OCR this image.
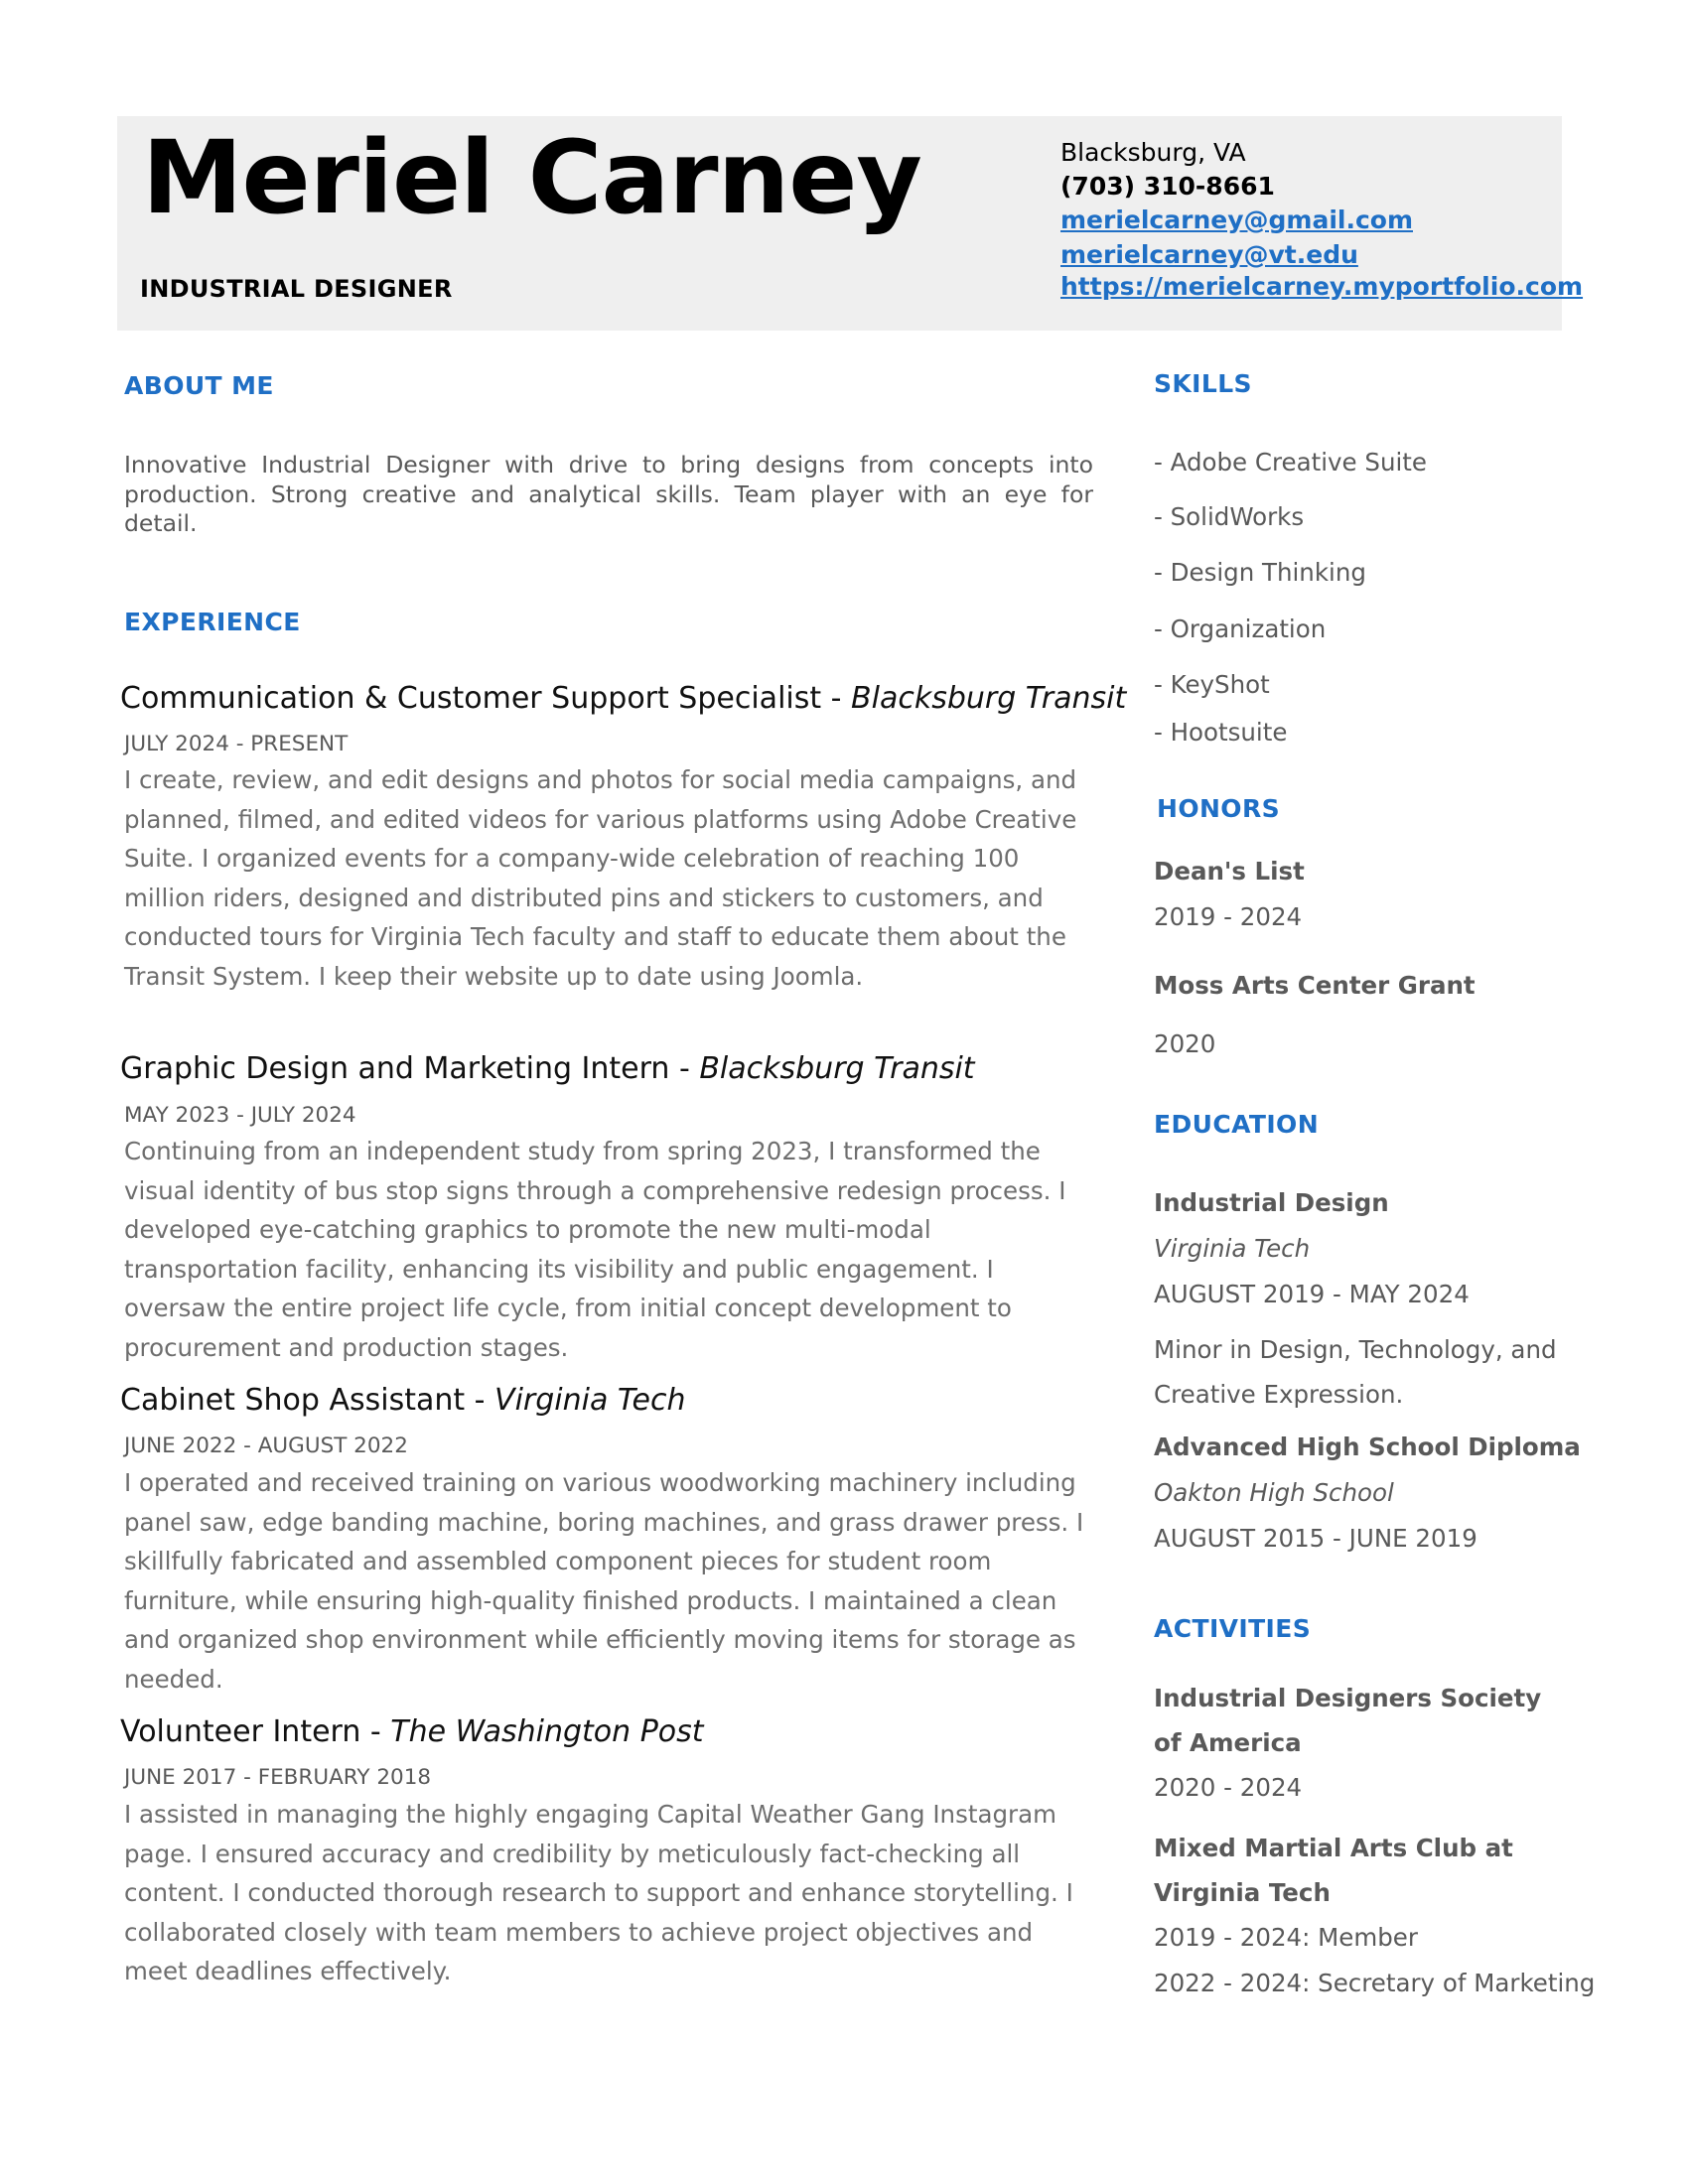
Meriel Carney
INDUSTRIAL DESIGNER
Blacksburg, VA
(703) 310-8661
merielcarney@gmail.com
merielcarney@vt.edu
https://merielcarney.myportfolio.com
ABOUT ME
Innovative Industrial Designer with drive to bring designs from concepts into production. Strong creative and analytical skills. Team player with an eye for detail.
EXPERIENCE
Communication & Customer Support Specialist - Blacksburg Transit
JULY 2024 - PRESENT
I create, review, and edit designs and photos for social media campaigns, and planned, filmed, and edited videos for various platforms using Adobe Creative Suite. I organized events for a company-wide celebration of reaching 100 million riders, designed and distributed pins and stickers to customers, and conducted tours for Virginia Tech faculty and staff to educate them about the Transit System. I keep their website up to date using Joomla.
Graphic Design and Marketing Intern - Blacksburg Transit
MAY 2023 - JULY 2024
Continuing from an independent study from spring 2023, I transformed the visual identity of bus stop signs through a comprehensive redesign process. I developed eye-catching graphics to promote the new multi-modal transportation facility, enhancing its visibility and public engagement. I oversaw the entire project life cycle, from initial concept development to procurement and production stages.
Cabinet Shop Assistant - Virginia Tech
JUNE 2022 - AUGUST 2022
I operated and received training on various woodworking machinery including panel saw, edge banding machine, boring machines, and grass drawer press. I skillfully fabricated and assembled component pieces for student room furniture, while ensuring high-quality finished products. I maintained a clean and organized shop environment while efficiently moving items for storage as needed.
Volunteer Intern - The Washington Post
JUNE 2017 - FEBRUARY 2018
I assisted in managing the highly engaging Capital Weather Gang Instagram page. I ensured accuracy and credibility by meticulously fact-checking all content. I conducted thorough research to support and enhance storytelling. I collaborated closely with team members to achieve project objectives and meet deadlines effectively.
SKILLS
- Adobe Creative Suite
- SolidWorks
- Design Thinking
- Organization
- KeyShot
- Hootsuite
HONORS
Dean's List
2019 - 2024
Moss Arts Center Grant
2020
EDUCATION
Industrial Design
Virginia Tech
AUGUST 2019 - MAY 2024
Minor in Design, Technology, and Creative Expression.
Advanced High School Diploma
Oakton High School
AUGUST 2015 - JUNE 2019
ACTIVITIES
Industrial Designers Society of America
2020 - 2024
Mixed Martial Arts Club at Virginia Tech
2019 - 2024: Member
2022 - 2024: Secretary of Marketing
